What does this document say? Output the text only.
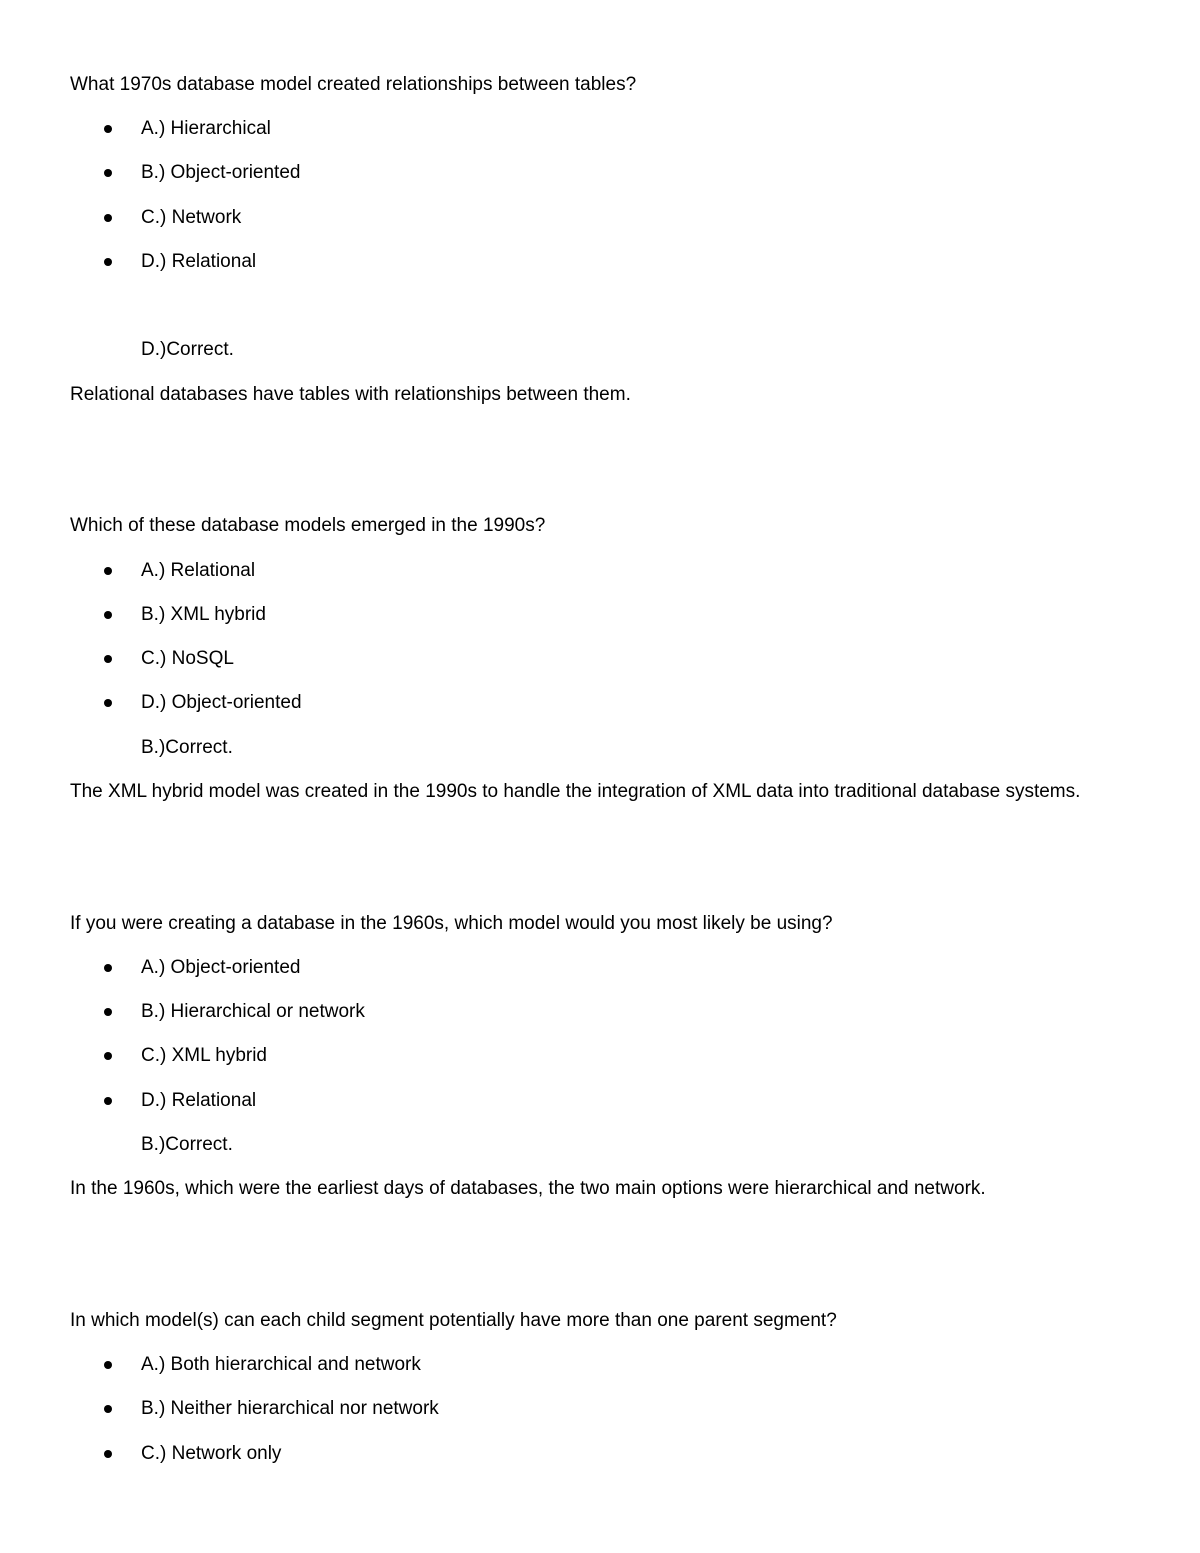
What 1970s database model created relationships between tables?
A.) Hierarchical
B.) Object-oriented
C.) Network
D.) Relational
D.)Correct.
Relational databases have tables with relationships between them.
Which of these database models emerged in the 1990s?
A.) Relational
B.) XML hybrid
C.) NoSQL
D.) Object-oriented
B.)Correct.
The XML hybrid model was created in the 1990s to handle the integration of XML data into traditional database systems.
If you were creating a database in the 1960s, which model would you most likely be using?
A.) Object-oriented
B.) Hierarchical or network
C.) XML hybrid
D.) Relational
B.)Correct.
In the 1960s, which were the earliest days of databases, the two main options were hierarchical and network.
In which model(s) can each child segment potentially have more than one parent segment?
A.) Both hierarchical and network
B.) Neither hierarchical nor network
C.) Network only
